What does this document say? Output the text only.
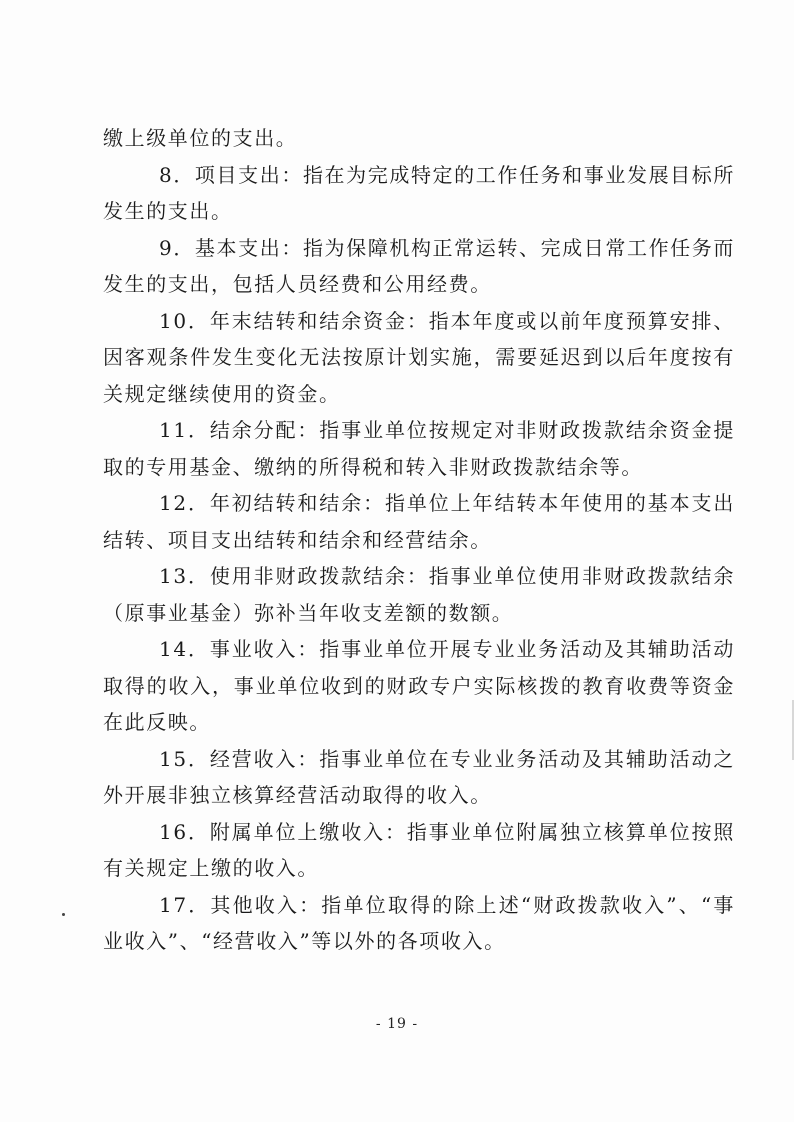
缴上级单位的支出。

8．项目支出：指在为完成特定的工作任务和事业发展目标所发生的支出。

9．基本支出：指为保障机构正常运转、完成日常工作任务而发生的支出，包括人员经费和公用经费。

10．年末结转和结余资金：指本年度或以前年度预算安排、因客观条件发生变化无法按原计划实施，需要延迟到以后年度按有关规定继续使用的资金。

11．结余分配：指事业单位按规定对非财政拨款结余资金提取的专用基金、缴纳的所得税和转入非财政拨款结余等。

12．年初结转和结余：指单位上年结转本年使用的基本支出结转、项目支出结转和结余和经营结余。

13．使用非财政拨款结余：指事业单位使用非财政拨款结余（原事业基金）弥补当年收支差额的数额。

14．事业收入：指事业单位开展专业业务活动及其辅助活动取得的收入，事业单位收到的财政专户实际核拨的教育收费等资金在此反映。

15．经营收入：指事业单位在专业业务活动及其辅助活动之外开展非独立核算经营活动取得的收入。

16．附属单位上缴收入：指事业单位附属独立核算单位按照有关规定上缴的收入。

17．其他收入：指单位取得的除上述“财政拨款收入”、“事业收入”、“经营收入”等以外的各项收入。

- 19 -
